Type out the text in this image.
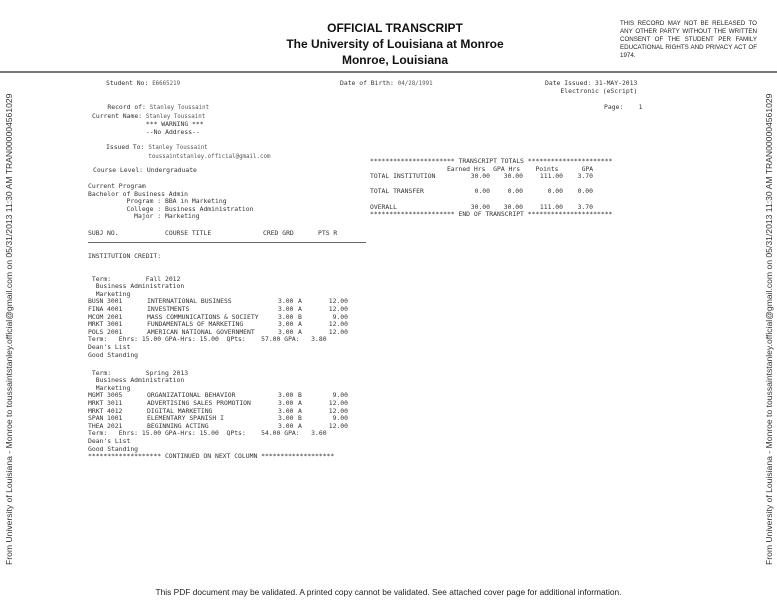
OFFICIAL TRANSCRIPT
The University of Louisiana at Monroe
Monroe, Louisiana
THIS RECORD MAY NOT BE RELEASED TO ANY OTHER PARTY WITHOUT THE WRITTEN CONSENT OF THE STUDENT PER FAMILY EDUCATIONAL RIGHTS AND PRIVACY ACT OF 1974.
From University of Louisiana - Monroe to toussaintstanley.official@gmail.com on 05/31/2013 11:30 AM TRAN000004561029	From University of Louisiana - Monroe to toussaintstanley.official@gmail.com on 05/31/2013 11:30 AM TRAN000004561029
Student No: E6665219	Date of Birth: 04/28/1991	Date Issued: 31-MAY-2013
Electronic (eScript)
Page: 1
Record of: Stanley Toussaint
Current Name: Stanley Toussaint
*** WARNING ***
--No Address--
Issued To: Stanley Toussaint
toussaintstanley.official@gmail.com
Course Level: Undergraduate
Current Program
Bachelor of Business Admin
Program : BBA in Marketing
College : Business Administration
Major : Marketing
SUBJ NO.	COURSE TITLE	CRED GRD	PTS R
INSTITUTION CREDIT:

Term:	Fall 2012
Business Administration
Marketing
BUSN 3001	INTERNATIONAL BUSINESS	3.00 A	12.00
FINA 4001	INVESTMENTS	3.00 A	12.00
MCOM 2001	MASS COMMUNICATIONS & SOCIETY	3.00 B	9.00
MRKT 3001	FUNDAMENTALS OF MARKETING	3.00 A	12.00
POLS 2001	AMERICAN NATIONAL GOVERNMENT	3.00 A	12.00
Term:   Ehrs: 15.00 GPA-Hrs: 15.00  QPts:    57.00 GPA:   3.80
Dean's List
Good Standing

Term:	Spring 2013
Business Administration
Marketing
MGMT 3005	ORGANIZATIONAL BEHAVIOR	3.00 B	9.00
MRKT 3011	ADVERTISING SALES PROMOTION	3.00 A	12.00
MRKT 4012	DIGITAL MARKETING	3.00 A	12.00
SPAN 1001	ELEMENTARY SPANISH I	3.00 B	9.00
THEA 2021	BEGINNING ACTING	3.00 A	12.00
Term:   Ehrs: 15.00 GPA-Hrs: 15.00  QPts:    54.00 GPA:   3.60
Dean's List
Good Standing
******************* CONTINUED ON NEXT COLUMN *******************
********************** TRANSCRIPT TOTALS **********************
Earned Hrs  GPA Hrs    Points      GPA
TOTAL INSTITUTION	30.00 30.00	111.00 3.70

TOTAL TRANSFER	0.00	0.00	0.00 0.00

OVERALL	30.00 30.00	111.00 3.70
********************** END OF TRANSCRIPT **********************
This PDF document may be validated. A printed copy cannot be validated. See attached cover page for additional information.
